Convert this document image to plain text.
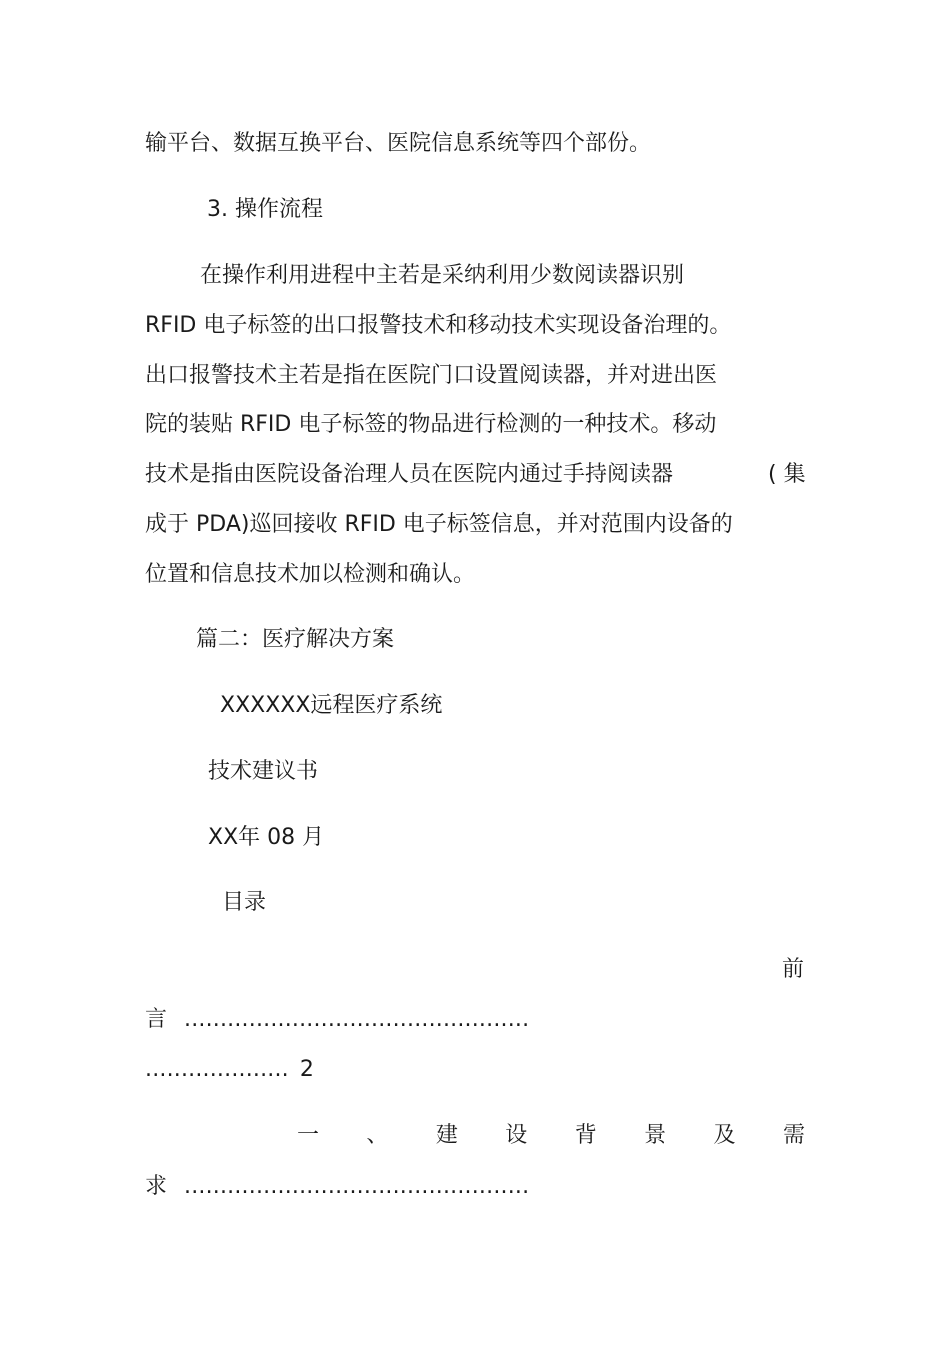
输平台、数据互换平台、医院信息系统等四个部份。
3. 操作流程
在操作利用进程中主若是采纳利用少数阅读器识别
RFID 电子标签的出口报警技术和移动技术实现设备治理的。
出口报警技术主若是指在医院门口设置阅读器，并对进出医
院的装贴 RFID 电子标签的物品进行检测的一种技术。移动
技术是指由医院设备治理人员在医院内通过手持阅读器	( 集
成于 PDA)巡回接收 RFID 电子标签信息，并对范围内设备的
位置和信息技术加以检测和确认。
篇二：医疗解决方案
XXXXXX远程医疗系统
技术建议书
XX年 08 月
目录
前
言 ................................................
.................... 2
一 、 建 设 背 景 及 需
求 ................................................
